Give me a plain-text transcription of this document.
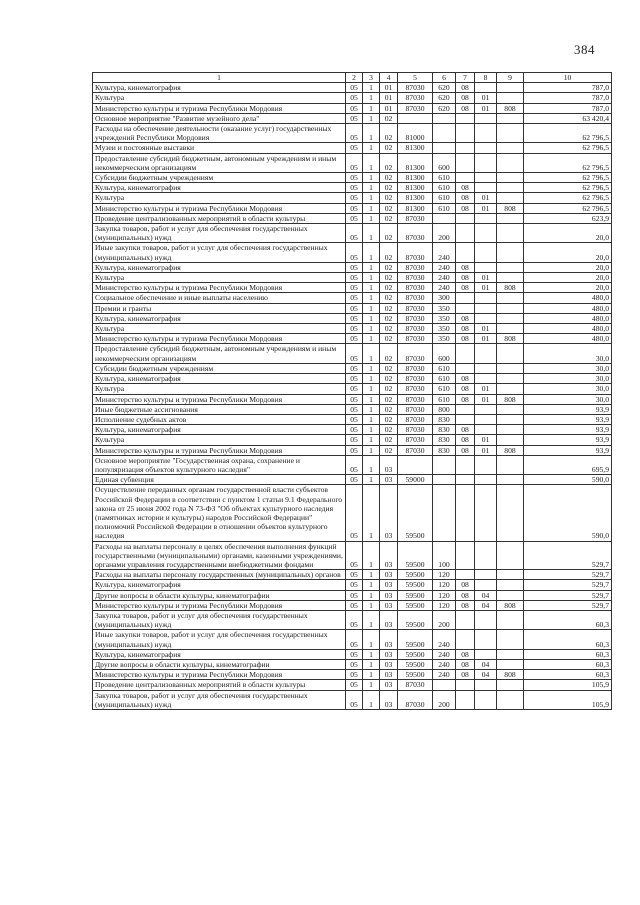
384
1	2	3	4	5	6	7	8	9	10
Культура, кинематография	05	1	01	87030	620	08			787,0
Культура	05	1	01	87030	620	08	01		787,0
Министерство культуры и туризма Республики Мордовия	05	1	01	87030	620	08	01	808	787,0
Основное мероприятие "Развитие музейного дела"	05	1	02						63 420,4
Расходы на обеспечение деятельности (оказание услуг) государственных учреждений Республики Мордовия	05	1	02	81000					62 796,5
Музеи и постоянные выставки	05	1	02	81300					62 796,5
Предоставление субсидий бюджетным, автономным учреждениям и иным некоммерческим организациям	05	1	02	81300	600				62 796,5
Субсидии бюджетным учреждениям	05	1	02	81300	610				62 796,5
Культура, кинематография	05	1	02	81300	610	08			62 796,5
Культура	05	1	02	81300	610	08	01		62 796,5
Министерство культуры и туризма Республики Мордовия	05	1	02	81300	610	08	01	808	62 796,5
Проведение централизованных мероприятий в области культуры	05	1	02	87030					623,9
Закупка товаров, работ и услуг для обеспечения государственных (муниципальных) нужд	05	1	02	87030	200				20,0
Иные закупки товаров, работ и услуг для обеспечения государственных (муниципальных) нужд	05	1	02	87030	240				20,0
Культура, кинематография	05	1	02	87030	240	08			20,0
Культура	05	1	02	87030	240	08	01		20,0
Министерство культуры и туризма Республики Мордовия	05	1	02	87030	240	08	01	808	20,0
Социальное обеспечение и иные выплаты населению	05	1	02	87030	300				480,0
Премии и гранты	05	1	02	87030	350				480,0
Культура, кинематография	05	1	02	87030	350	08			480,0
Культура	05	1	02	87030	350	08	01		480,0
Министерство культуры и туризма Республики Мордовия	05	1	02	87030	350	08	01	808	480,0
Предоставление субсидий бюджетным, автономным учреждениям и иным некоммерческим организациям	05	1	02	87030	600				30,0
Субсидии бюджетным учреждениям	05	1	02	87030	610				30,0
Культура, кинематография	05	1	02	87030	610	08			30,0
Культура	05	1	02	87030	610	08	01		30,0
Министерство культуры и туризма Республики Мордовия	05	1	02	87030	610	08	01	808	30,0
Иные бюджетные ассигнования	05	1	02	87030	800				93,9
Исполнение судебных актов	05	1	02	87030	830				93,9
Культура, кинематография	05	1	02	87030	830	08			93,9
Культура	05	1	02	87030	830	08	01		93,9
Министерство культуры и туризма Республики Мордовия	05	1	02	87030	830	08	01	808	93,9
Основное мероприятие "Государственная охрана, сохранение и популяризация объектов культурного наследия"	05	1	03						695,9
Единая субвенция	05	1	03	59000					590,0
Осуществление переданных органам государственной власти субъектов Российской Федерации в соответствии с пунктом 1 статьи 9.1 Федерального закона от 25 июня 2002 года N 73-ФЗ "Об объектах культурного наследия (памятниках истории и культуры) народов Российской Федерации" полномочий Российской Федерации в отношении объектов культурного наследия	05	1	03	59500					590,0
Расходы на выплаты персоналу в целях обеспечения выполнения функций государственными (муниципальными) органами, казенными учреждениями, органами управления государственными внебюджетными фондами	05	1	03	59500	100				529,7
Расходы на выплаты персоналу государственных (муниципальных) органов	05	1	03	59500	120				529,7
Культура, кинематография	05	1	03	59500	120	08			529,7
Другие вопросы в области культуры, кинематографии	05	1	03	59500	120	08	04		529,7
Министерство культуры и туризма Республики Мордовия	05	1	03	59500	120	08	04	808	529,7
Закупка товаров, работ и услуг для обеспечения государственных (муниципальных) нужд	05	1	03	59500	200				60,3
Иные закупки товаров, работ и услуг для обеспечения государственных (муниципальных) нужд	05	1	03	59500	240				60,3
Культура, кинематография	05	1	03	59500	240	08			60,3
Другие вопросы в области культуры, кинематографии	05	1	03	59500	240	08	04		60,3
Министерство культуры и туризма Республики Мордовия	05	1	03	59500	240	08	04	808	60,3
Проведение централизованных мероприятий в области культуры	05	1	03	87030					105,9
Закупка товаров, работ и услуг для обеспечения государственных (муниципальных) нужд	05	1	03	87030	200				105,9
